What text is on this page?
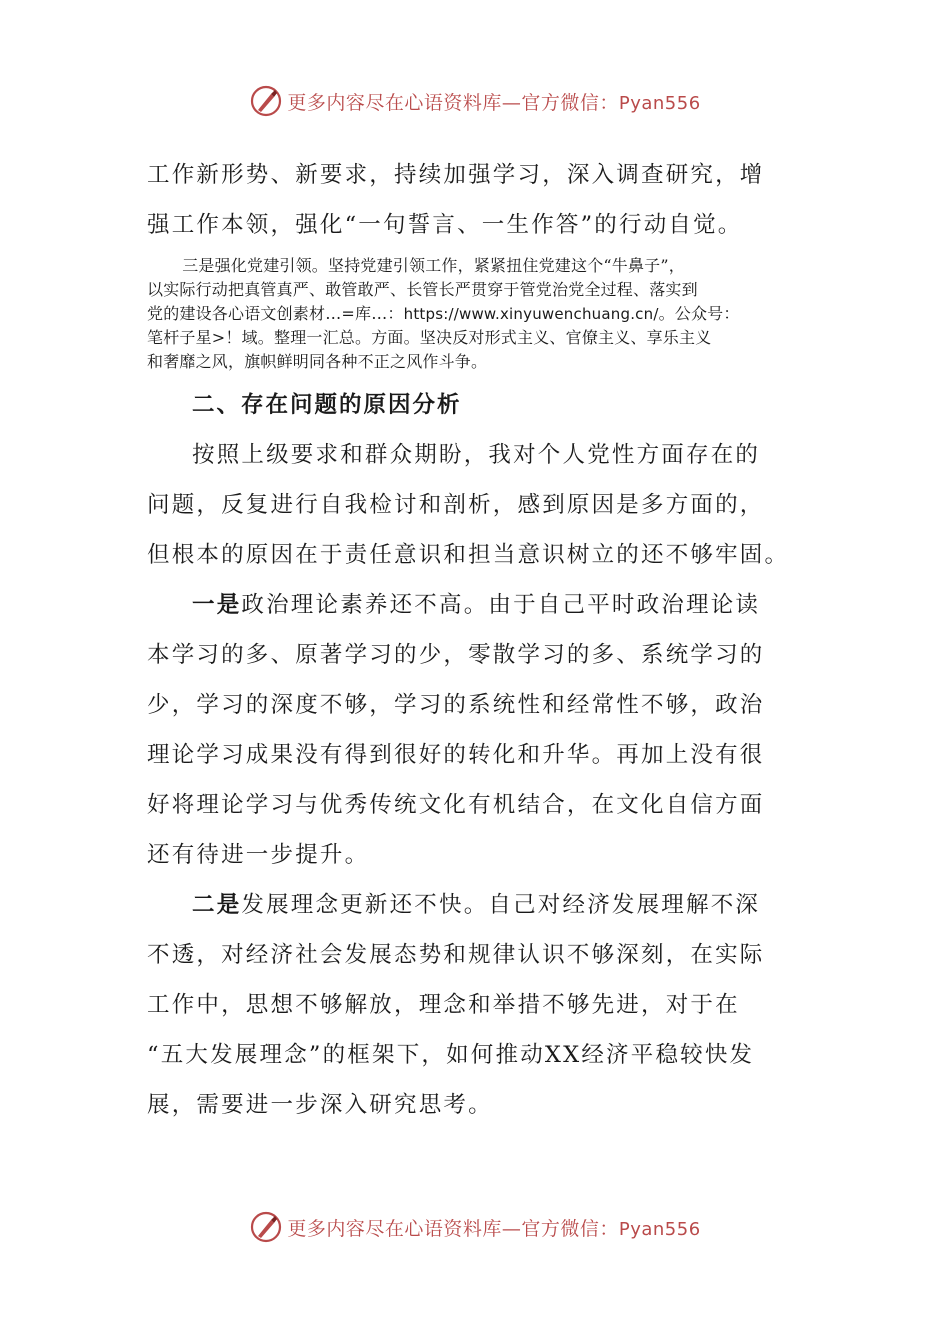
更多内容尽在心语资料库—官方微信：Pyan556

工作新形势、新要求，持续加强学习，深入调查研究，增
强工作本领，强化“一句誓言、一生作答”的行动自觉。

三是强化党建引领。坚持党建引领工作，紧紧扭住党建这个“牛鼻子”，
以实际行动把真管真严、敢管敢严、长管长严贯穿于管党治党全过程、落实到
党的建设各心语文创素材…=库…：https://www.xinyuwenchuang.cn/。公众号：
笔杆子星>！域。整理一汇总。方面。坚决反对形式主义、官僚主义、享乐主义
和奢靡之风，旗帜鲜明同各种不正之风作斗争。

二、存在问题的原因分析

按照上级要求和群众期盼，我对个人党性方面存在的
问题，反复进行自我检讨和剖析，感到原因是多方面的，
但根本的原因在于责任意识和担当意识树立的还不够牢固。

一是政治理论素养还不高。由于自己平时政治理论读
本学习的多、原著学习的少，零散学习的多、系统学习的
少，学习的深度不够，学习的系统性和经常性不够，政治
理论学习成果没有得到很好的转化和升华。再加上没有很
好将理论学习与优秀传统文化有机结合，在文化自信方面
还有待进一步提升。

二是发展理念更新还不快。自己对经济发展理解不深
不透，对经济社会发展态势和规律认识不够深刻，在实际
工作中，思想不够解放，理念和举措不够先进，对于在
“五大发展理念”的框架下，如何推动XX经济平稳较快发
展，需要进一步深入研究思考。

更多内容尽在心语资料库—官方微信：Pyan556
